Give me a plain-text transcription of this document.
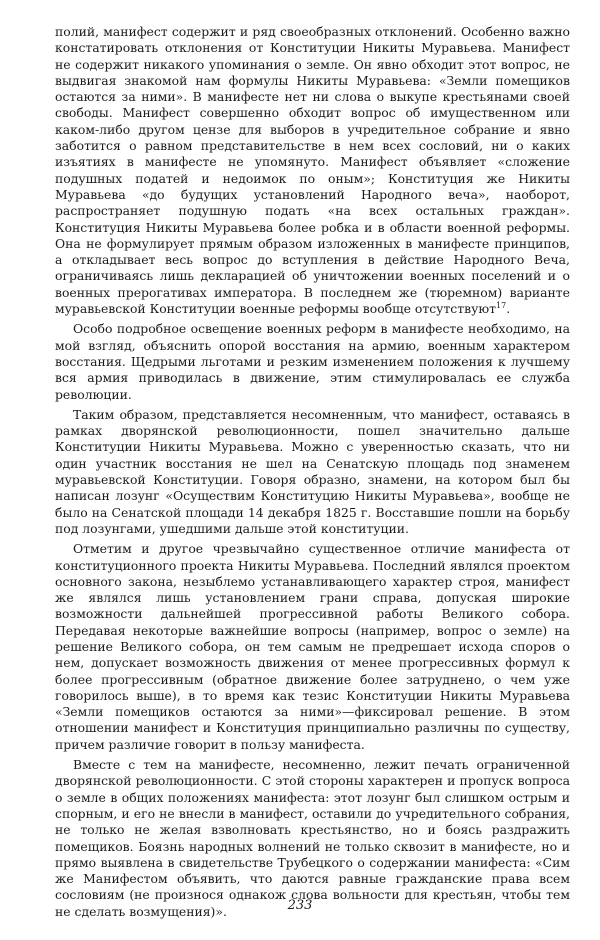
полий, манифест содержит и ряд своеобразных отклонений. Особенно важно констатировать отклонения от Конституции Никиты Муравьева. Манифест не содержит никакого упоминания о земле. Он явно обходит этот вопрос, не выдвигая знакомой нам формулы Никиты Муравьева: «Земли помещиков остаются за ними». В манифесте нет ни слова о выкупе крестьянами своей свободы. Манифест совершенно обходит вопрос об имущественном или каком-либо другом цензе для выборов в учредительное собрание и явно заботится о равном представительстве в нем всех сословий, ни о каких изъятиях в манифесте не упомянуто. Манифест объявляет «сложение подушных податей и недоимок по оным»; Конституция же Никиты Муравьева «до будущих установлений Народного веча», наоборот, распространяет подушную подать «на всех остальных граждан». Конституция Никиты Муравьева более робка и в области военной реформы. Она не формулирует прямым образом изложенных в манифесте принципов, а откладывает весь вопрос до вступления в действие Народного Веча, ограничиваясь лишь декларацией об уничтожении военных поселений и о военных прерогативах императора. В последнем же (тюремном) варианте муравьевской Конституции военные реформы вообще отсутствуют$^{17}$.

Особо подробное освещение военных реформ в манифесте необходимо, на мой взгляд, объяснить опорой восстания на армию, военным характером восстания. Щедрыми льготами и резким изменением положения к лучшему вся армия приводилась в движение, этим стимулировалась ее служба революции.

Таким образом, представляется несомненным, что манифест, оставаясь в рамках дворянской революционности, пошел значительно дальше Конституции Никиты Муравьева. Можно с уверенностью сказать, что ни один участник восстания не шел на Сенатскую площадь под знаменем муравьевской Конституции. Говоря образно, знамени, на котором был бы написан лозунг «Осуществим Конституцию Никиты Муравьева», вообще не было на Сенатской площади 14 декабря 1825 г. Восставшие пошли на борьбу под лозунгами, ушедшими дальше этой конституции.

Отметим и другое чрезвычайно существенное отличие манифеста от конституционного проекта Никиты Муравьева. Последний являлся проектом основного закона, незыблемо устанавливающего характер строя, манифест же являлся лишь установлением грани справа, допуская широкие возможности дальнейшей прогрессивной работы Великого собора. Передавая некоторые важнейшие вопросы (например, вопрос о земле) на решение Великого собора, он тем самым не предрешает исхода споров о нем, допускает возможность движения от менее прогрессивных формул к более прогрессивным (обратное движение более затруднено, о чем уже говорилось выше), в то время как тезис Конституции Никиты Муравьева «Земли помещиков остаются за ними»—фиксировал решение. В этом отношении манифест и Конституция принципиально различны по существу, причем различие говорит в пользу манифеста.

Вместе с тем на манифесте, несомненно, лежит печать ограниченной дворянской революционности. С этой стороны характерен и пропуск вопроса о земле в общих положениях манифеста: этот лозунг был слишком острым и спорным, и его не внесли в манифест, оставили до учредительного собрания, не только не желая взволновать крестьянство, но и боясь раздражить помещиков. Боязнь народных волнений не только сквозит в манифесте, но и прямо выявлена в свидетельстве Трубецкого о содержании манифеста: «Сим же Манифестом объявить, что даются равные гражданские права всем сословиям (не произнося однакож слова вольности для крестьян, чтобы тем не сделать возмущения)».	233
